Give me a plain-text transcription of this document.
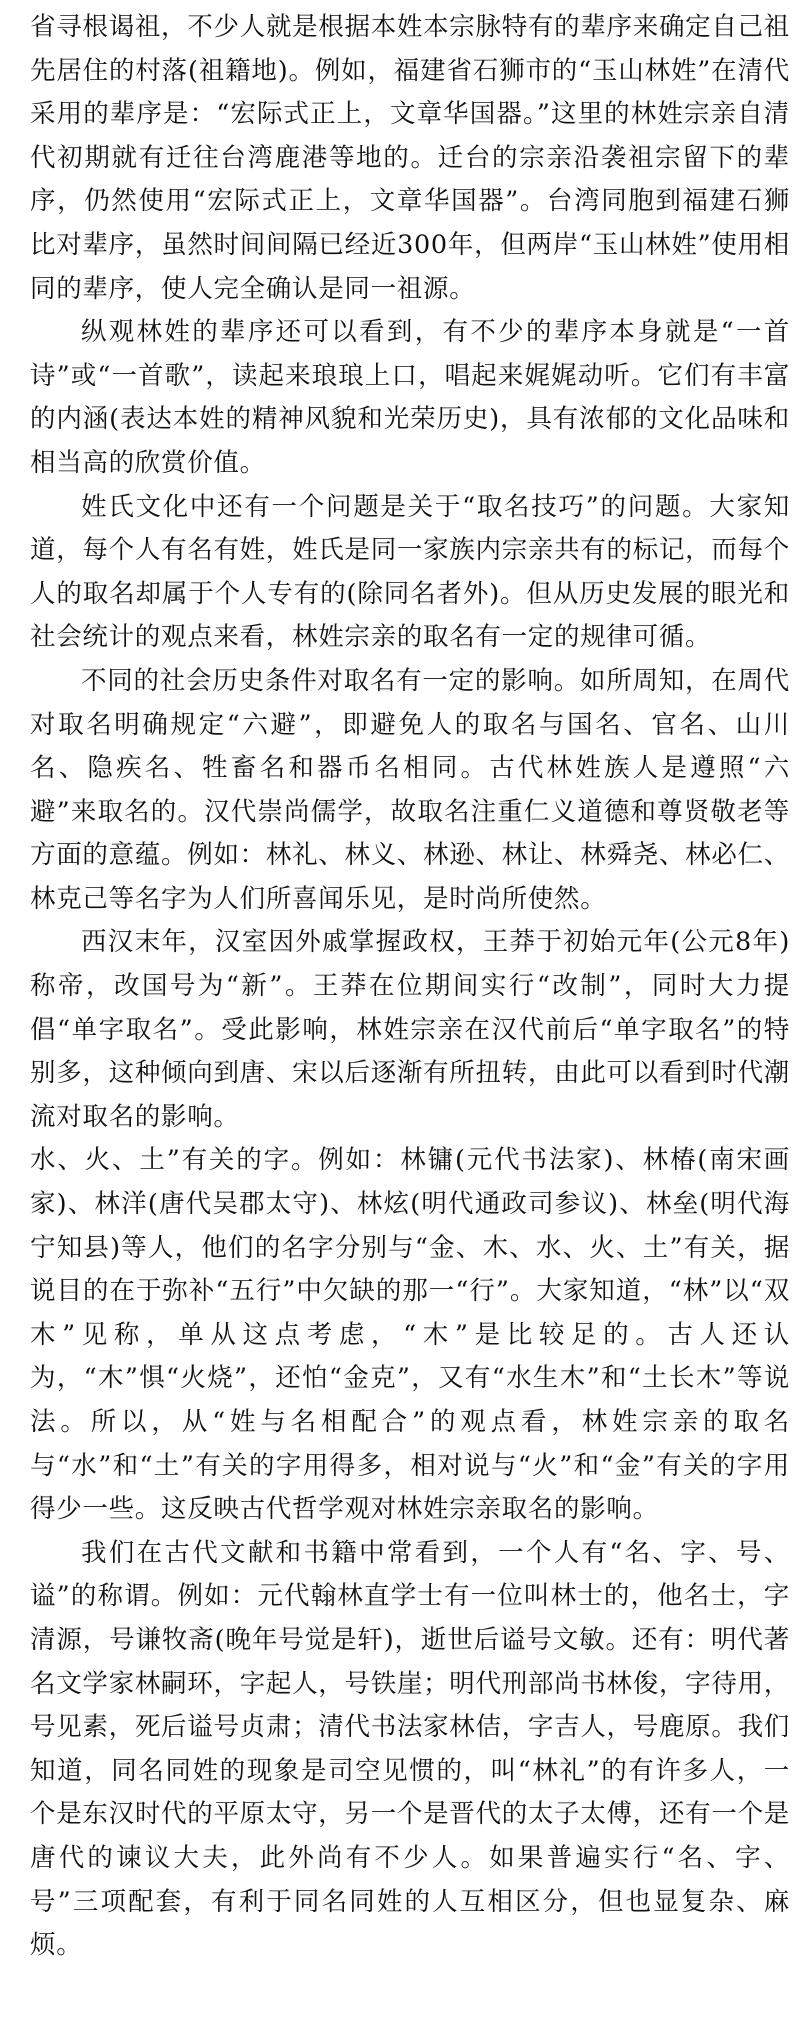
省寻根谒祖，不少人就是根据本姓本宗脉特有的辈序来确定自己祖先居住的村落(祖籍地)。例如，福建省石狮市的“玉山林姓”在清代采用的辈序是：“宏际式正上，文章华国器。”这里的林姓宗亲自清代初期就有迁往台湾鹿港等地的。迁台的宗亲沿袭祖宗留下的辈序，仍然使用“宏际式正上，文章华国器”。台湾同胞到福建石狮比对辈序，虽然时间间隔已经近300年，但两岸“玉山林姓”使用相同的辈序，使人完全确认是同一祖源。

纵观林姓的辈序还可以看到，有不少的辈序本身就是“一首诗”或“一首歌”，读起来琅琅上口，唱起来娓娓动听。它们有丰富的内涵(表达本姓的精神风貌和光荣历史)，具有浓郁的文化品味和相当高的欣赏价值。

姓氏文化中还有一个问题是关于“取名技巧”的问题。大家知道，每个人有名有姓，姓氏是同一家族内宗亲共有的标记，而每个人的取名却属于个人专有的(除同名者外)。但从历史发展的眼光和社会统计的观点来看，林姓宗亲的取名有一定的规律可循。

不同的社会历史条件对取名有一定的影响。如所周知，在周代对取名明确规定“六避”，即避免人的取名与国名、官名、山川名、隐疾名、牲畜名和器币名相同。古代林姓族人是遵照“六避”来取名的。汉代崇尚儒学，故取名注重仁义道德和尊贤敬老等方面的意蕴。例如：林礼、林义、林逊、林让、林舜尧、林必仁、林克己等名字为人们所喜闻乐见，是时尚所使然。

西汉末年，汉室因外戚掌握政权，王莽于初始元年(公元8年)称帝，改国号为“新”。王莽在位期间实行“改制”，同时大力提倡“单字取名”。受此影响，林姓宗亲在汉代前后“单字取名”的特别多，这种倾向到唐、宋以后逐渐有所扭转，由此可以看到时代潮流对取名的影响。

水、火、土”有关的字。例如：林镛(元代书法家)、林椿(南宋画家)、林洋(唐代吴郡太守)、林炫(明代通政司参议)、林垒(明代海宁知县)等人，他们的名字分别与“金、木、水、火、土”有关，据说目的在于弥补“五行”中欠缺的那一“行”。大家知道，“林”以“双木”见称，单从这点考虑，“木”是比较足的。古人还认为，“木”惧“火烧”，还怕“金克”，又有“水生木”和“土长木”等说法。所以，从“姓与名相配合”的观点看，林姓宗亲的取名与“水”和“土”有关的字用得多，相对说与“火”和“金”有关的字用得少一些。这反映古代哲学观对林姓宗亲取名的影响。

我们在古代文献和书籍中常看到，一个人有“名、字、号、谥”的称谓。例如：元代翰林直学士有一位叫林士的，他名士，字清源，号谦牧斋(晚年号觉是轩)，逝世后谥号文敏。还有：明代著名文学家林嗣环，字起人，号铁崖；明代刑部尚书林俊，字待用，号见素，死后谥号贞肃；清代书法家林佶，字吉人，号鹿原。我们知道，同名同姓的现象是司空见惯的，叫“林礼”的有许多人，一个是东汉时代的平原太守，另一个是晋代的太子太傅，还有一个是唐代的谏议大夫，此外尚有不少人。如果普遍实行“名、字、号”三项配套，有利于同名同姓的人互相区分，但也显复杂、麻烦。
